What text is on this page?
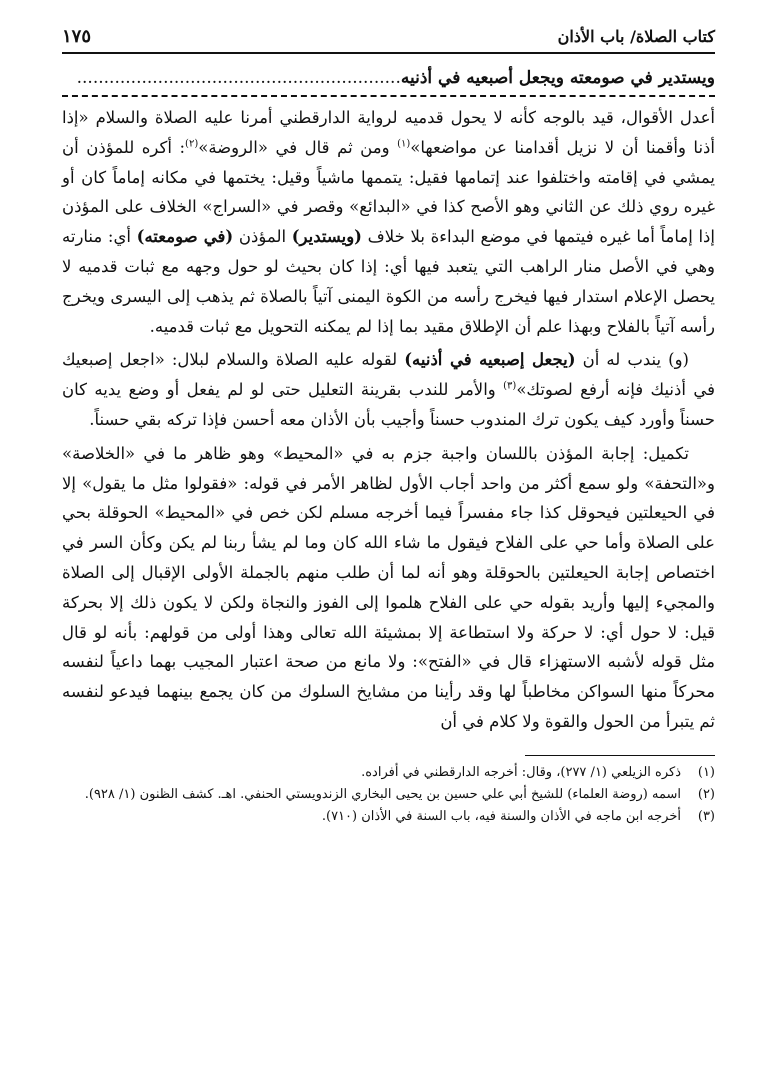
كتاب الصلاة/ باب الأذان
١٧٥
ويستدير في صومعته ويجعل أصبعيه في أذنيه............................................................

أعدل الأقوال، قيد بالوجه كأنه لا يحول قدميه لرواية الدارقطني أمرنا عليه الصلاة والسلام «إذا أذنا وأقمنا أن لا نزيل أقدامنا عن مواضعها»$^{(١)}$ ومن ثم قال في «الروضة»$^{(٢)}$: أكره للمؤذن أن يمشي في إقامته واختلفوا عند إتمامها فقيل: يتممها ماشياً وقيل: يختمها في مكانه إماماً كان أو غيره روي ذلك عن الثاني وهو الأصح كذا في «البدائع» وقصر في «السراج» الخلاف على المؤذن إذا إماماً أما غيره فيتمها في موضع البداءة بلا خلاف (ويستدير) المؤذن (في صومعته) أي: منارته وهي في الأصل منار الراهب التي يتعبد فيها أي: إذا كان بحيث لو حول وجهه مع ثبات قدميه لا يحصل الإعلام استدار فيها فيخرج رأسه من الكوة اليمنى آتياً بالصلاة ثم يذهب إلى اليسرى ويخرج رأسه آتياً بالفلاح وبهذا علم أن الإطلاق مقيد بما إذا لم يمكنه التحويل مع ثبات قدميه.

(و) يندب له أن (يجعل إصبعيه في أذنيه) لقوله عليه الصلاة والسلام لبلال: «اجعل إصبعيك في أذنيك فإنه أرفع لصوتك»$^{(٣)}$ والأمر للندب بقرينة التعليل حتى لو لم يفعل أو وضع يديه كان حسناً وأورد كيف يكون ترك المندوب حسناً وأجيب بأن الأذان معه أحسن فإذا تركه بقي حسناً.

تكميل: إجابة المؤذن باللسان واجبة جزم به في «المحيط» وهو ظاهر ما في «الخلاصة» و«التحفة» ولو سمع أكثر من واحد أجاب الأول لظاهر الأمر في قوله: «فقولوا مثل ما يقول» إلا في الحيعلتين فيحوقل كذا جاء مفسراً فيما أخرجه مسلم لكن خص في «المحيط» الحوقلة بحي على الصلاة وأما حي على الفلاح فيقول ما شاء الله كان وما لم يشأ ربنا لم يكن وكأن السر في اختصاص إجابة الحيعلتين بالحوقلة وهو أنه لما أن طلب منهم بالجملة الأولى الإقبال إلى الصلاة والمجيء إليها وأريد بقوله حي على الفلاح هلموا إلى الفوز والنجاة ولكن لا يكون ذلك إلا بحركة قيل: لا حول أي: لا حركة ولا استطاعة إلا بمشيئة الله تعالى وهذا أولى من قولهم: بأنه لو قال مثل قوله لأشبه الاستهزاء قال في «الفتح»: ولا مانع من صحة اعتبار المجيب بهما داعياً لنفسه محركاً منها السواكن مخاطباً لها وقد رأينا من مشايخ السلوك من كان يجمع بينهما فيدعو لنفسه ثم يتبرأ من الحول والقوة ولا كلام في أن

(١)
ذكره الزيلعي (١/ ٢٧٧)، وقال: أخرجه الدارقطني في أفراده.
(٢)
اسمه (روضة العلماء) للشيخ أبي علي حسين بن يحيى البخاري الزندويستي الحنفي. اهـ. كشف الظنون (١/ ٩٢٨).
(٣)
أخرجه ابن ماجه في الأذان والسنة فيه، باب السنة في الأذان (٧١٠).
